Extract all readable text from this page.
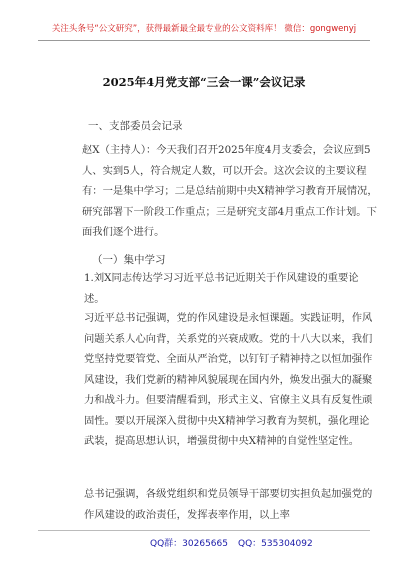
关注头条号“公文研究”，获得最新最全最专业的公文资料库！ 微信：gongwenyj
2025年4月党支部“三会一课”会议记录
一、支部委员会记录
赵X（主持人）：今天我们召开2025年度4月支委会，会议应到5人、实到5人，符合规定人数，可以开会。这次会议的主要议程有：一是集中学习；二是总结前期中央X精神学习教育开展情况，研究部署下一阶段工作重点；三是研究支部4月重点工作计划。下面我们逐个进行。
（一）集中学习
1.刘X同志传达学习习近平总书记近期关于作风建设的重要论述。
习近平总书记强调，党的作风建设是永恒课题。实践证明，作风问题关系人心向背，关系党的兴衰成败。党的十八大以来，我们党坚持党要管党、全面从严治党，以钉钉子精神持之以恒加强作风建设，我们党新的精神风貌展现在国内外，焕发出强大的凝聚力和战斗力。但要清醒看到，形式主义、官僚主义具有反复性顽固性。要以开展深入贯彻中央X精神学习教育为契机，强化理论武装，提高思想认识，增强贯彻中央X精神的自觉性坚定性。
总书记强调，各级党组织和党员领导干部要切实担负起加强党的作风建设的政治责任，发挥表率作用，以上率
QQ群：30265665 QQ：535304092
